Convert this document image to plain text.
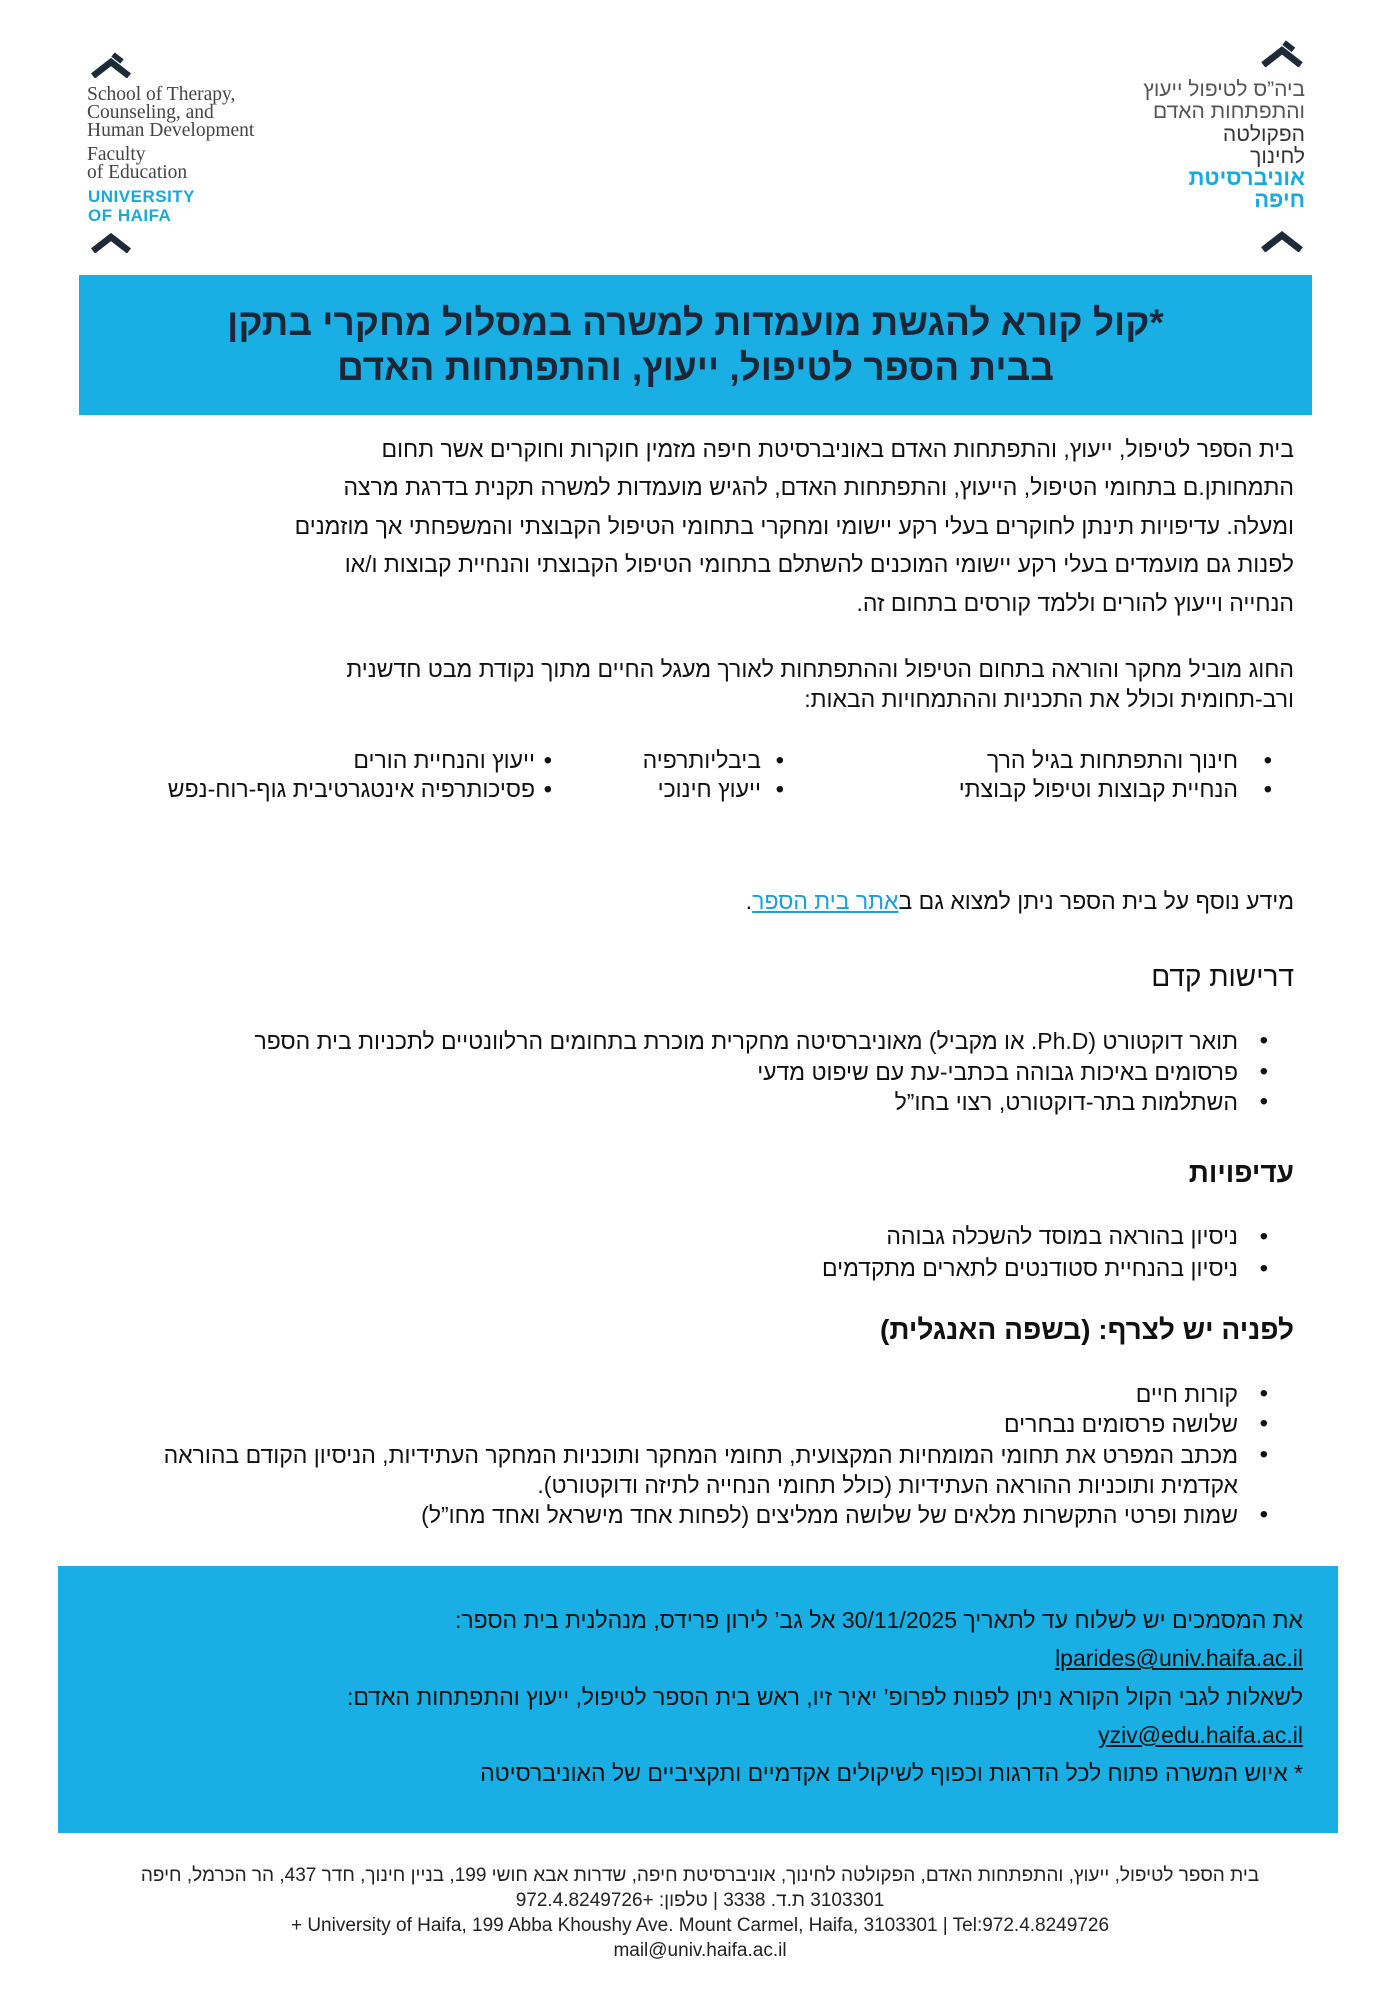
School of Therapy,
Counseling, and
Human Development
Faculty
of Education
UNIVERSITY
OF HAIFA
ביה”ס לטיפול ייעוץ
והתפתחות האדם
הפקולטה
לחינוך
אוניברסיטת
חיפה
קול קורא להגשת מועמדות למשרה במסלול מחקרי בתקן*
בבית הספר לטיפול, ייעוץ, והתפתחות האדם
בית הספר לטיפול, ייעוץ, והתפתחות האדם באוניברסיטת חיפה מזמין חוקרות וחוקרים אשר תחום
התמחותן.ם בתחומי הטיפול, הייעוץ, והתפתחות האדם, להגיש מועמדות למשרה תקנית בדרגת מרצה
ומעלה. עדיפויות תינתן לחוקרים בעלי רקע יישומי ומחקרי בתחומי הטיפול הקבוצתי והמשפחתי אך מוזמנים
לפנות גם מועמדים בעלי רקע יישומי המוכנים להשתלם בתחומי הטיפול הקבוצתי והנחיית קבוצות ו/או
הנחייה וייעוץ להורים וללמד קורסים בתחום זה.
החוג מוביל מחקר והוראה בתחום הטיפול וההתפתחות לאורך מעגל החיים מתוך נקודת מבט חדשנית
ורב-תחומית וכולל את התכניות וההתמחויות הבאות:
• חינוך והתפתחות בגיל הרך
• הנחיית קבוצות וטיפול קבוצתי
• ביבליותרפיה
• ייעוץ חינוכי
• ייעוץ והנחיית הורים
• פסיכותרפיה אינטגרטיבית גוף-רוח-נפש
מידע נוסף על בית הספר ניתן למצוא גם באתר בית הספר.
דרישות קדם
• תואר דוקטורט (Ph.D. או מקביל) מאוניברסיטה מחקרית מוכרת בתחומים הרלוונטיים לתכניות בית הספר
• פרסומים באיכות גבוהה בכתבי-עת עם שיפוט מדעי
• השתלמות בתר-דוקטורט, רצוי בחו”ל
עדיפויות
• ניסיון בהוראה במוסד להשכלה גבוהה
• ניסיון בהנחיית סטודנטים לתארים מתקדמים
לפניה יש לצרף: (בשפה האנגלית)
• קורות חיים
• שלושה פרסומים נבחרים
• מכתב המפרט את תחומי המומחיות המקצועית, תחומי המחקר ותוכניות המחקר העתידיות, הניסיון הקודם בהוראה אקדמית ותוכניות ההוראה העתידיות (כולל תחומי הנחייה לתיזה ודוקטורט).
• שמות ופרטי התקשרות מלאים של שלושה ממליצים (לפחות אחד מישראל ואחד מחו”ל)
את המסמכים יש לשלוח עד לתאריך 30/11/2025 אל גב’ לירון פרידס, מנהלנית בית הספר:
lparides@univ.haifa.ac.il
לשאלות לגבי הקול הקורא ניתן לפנות לפרופ’ יאיר זיו, ראש בית הספר לטיפול, ייעוץ והתפתחות האדם:
yziv@edu.haifa.ac.il
* איוש המשרה פתוח לכל הדרגות וכפוף לשיקולים אקדמיים ותקציביים של האוניברסיטה
בית הספר לטיפול, ייעוץ, והתפתחות האדם, הפקולטה לחינוך, אוניברסיטת חיפה, שדרות אבא חושי 199, בניין חינוך, חדר 437, הר הכרמל, חיפה
3103301 ת.ד. 3338 | טלפון: +972.4.8249726
+ University of Haifa, 199 Abba Khoushy Ave. Mount Carmel, Haifa, 3103301 | Tel:972.4.8249726
mail@univ.haifa.ac.il
